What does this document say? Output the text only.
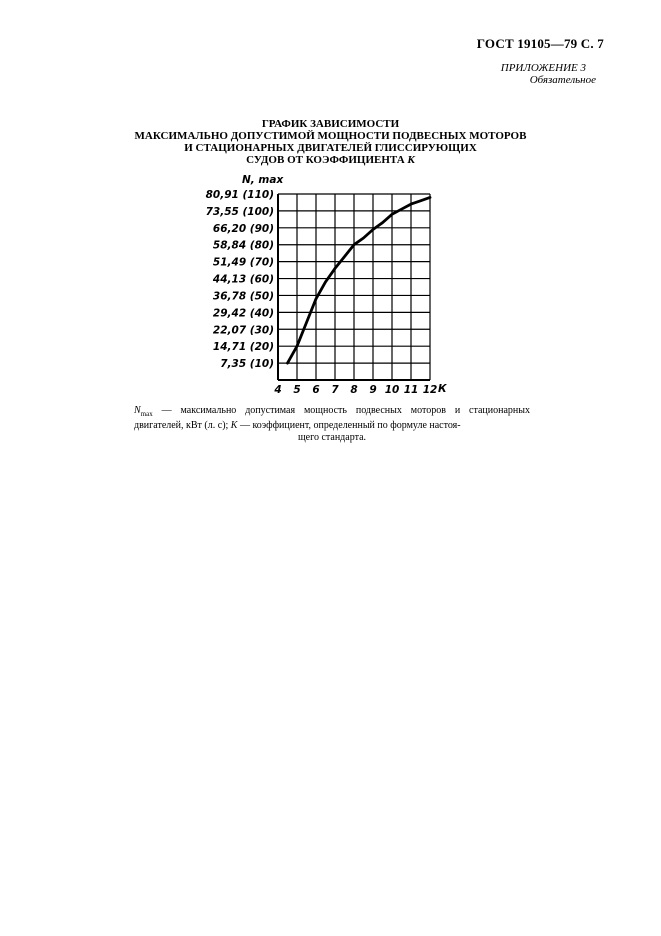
ГОСТ 19105—79 С. 7
ПРИЛОЖЕНИЕ 3
Обязательное
ГРАФИК ЗАВИСИМОСТИ
МАКСИМАЛЬНО ДОПУСТИМОЙ МОЩНОСТИ ПОДВЕСНЫХ МОТОРОВ
И СТАЦИОНАРНЫХ ДВИГАТЕЛЕЙ ГЛИССИРУЮЩИХ
СУДОВ ОТ КОЭФФИЦИЕНТА К
7,35 (10)
14,71 (20)
22,07 (30)
29,42 (40)
36,78 (50)
44,13 (60)
51,49 (70)
58,84 (80)
66,20 (90)
73,55 (100)
80,91 (110)
4 5 6 7 8 9 10 11 12
N, max
К
$N_{max}$ — максимально допустимая мощность подвесных моторов и стационарных двигателей, кВт (л. с); К — коэффициент, определенный по формуле настоя-
щего стандарта.
